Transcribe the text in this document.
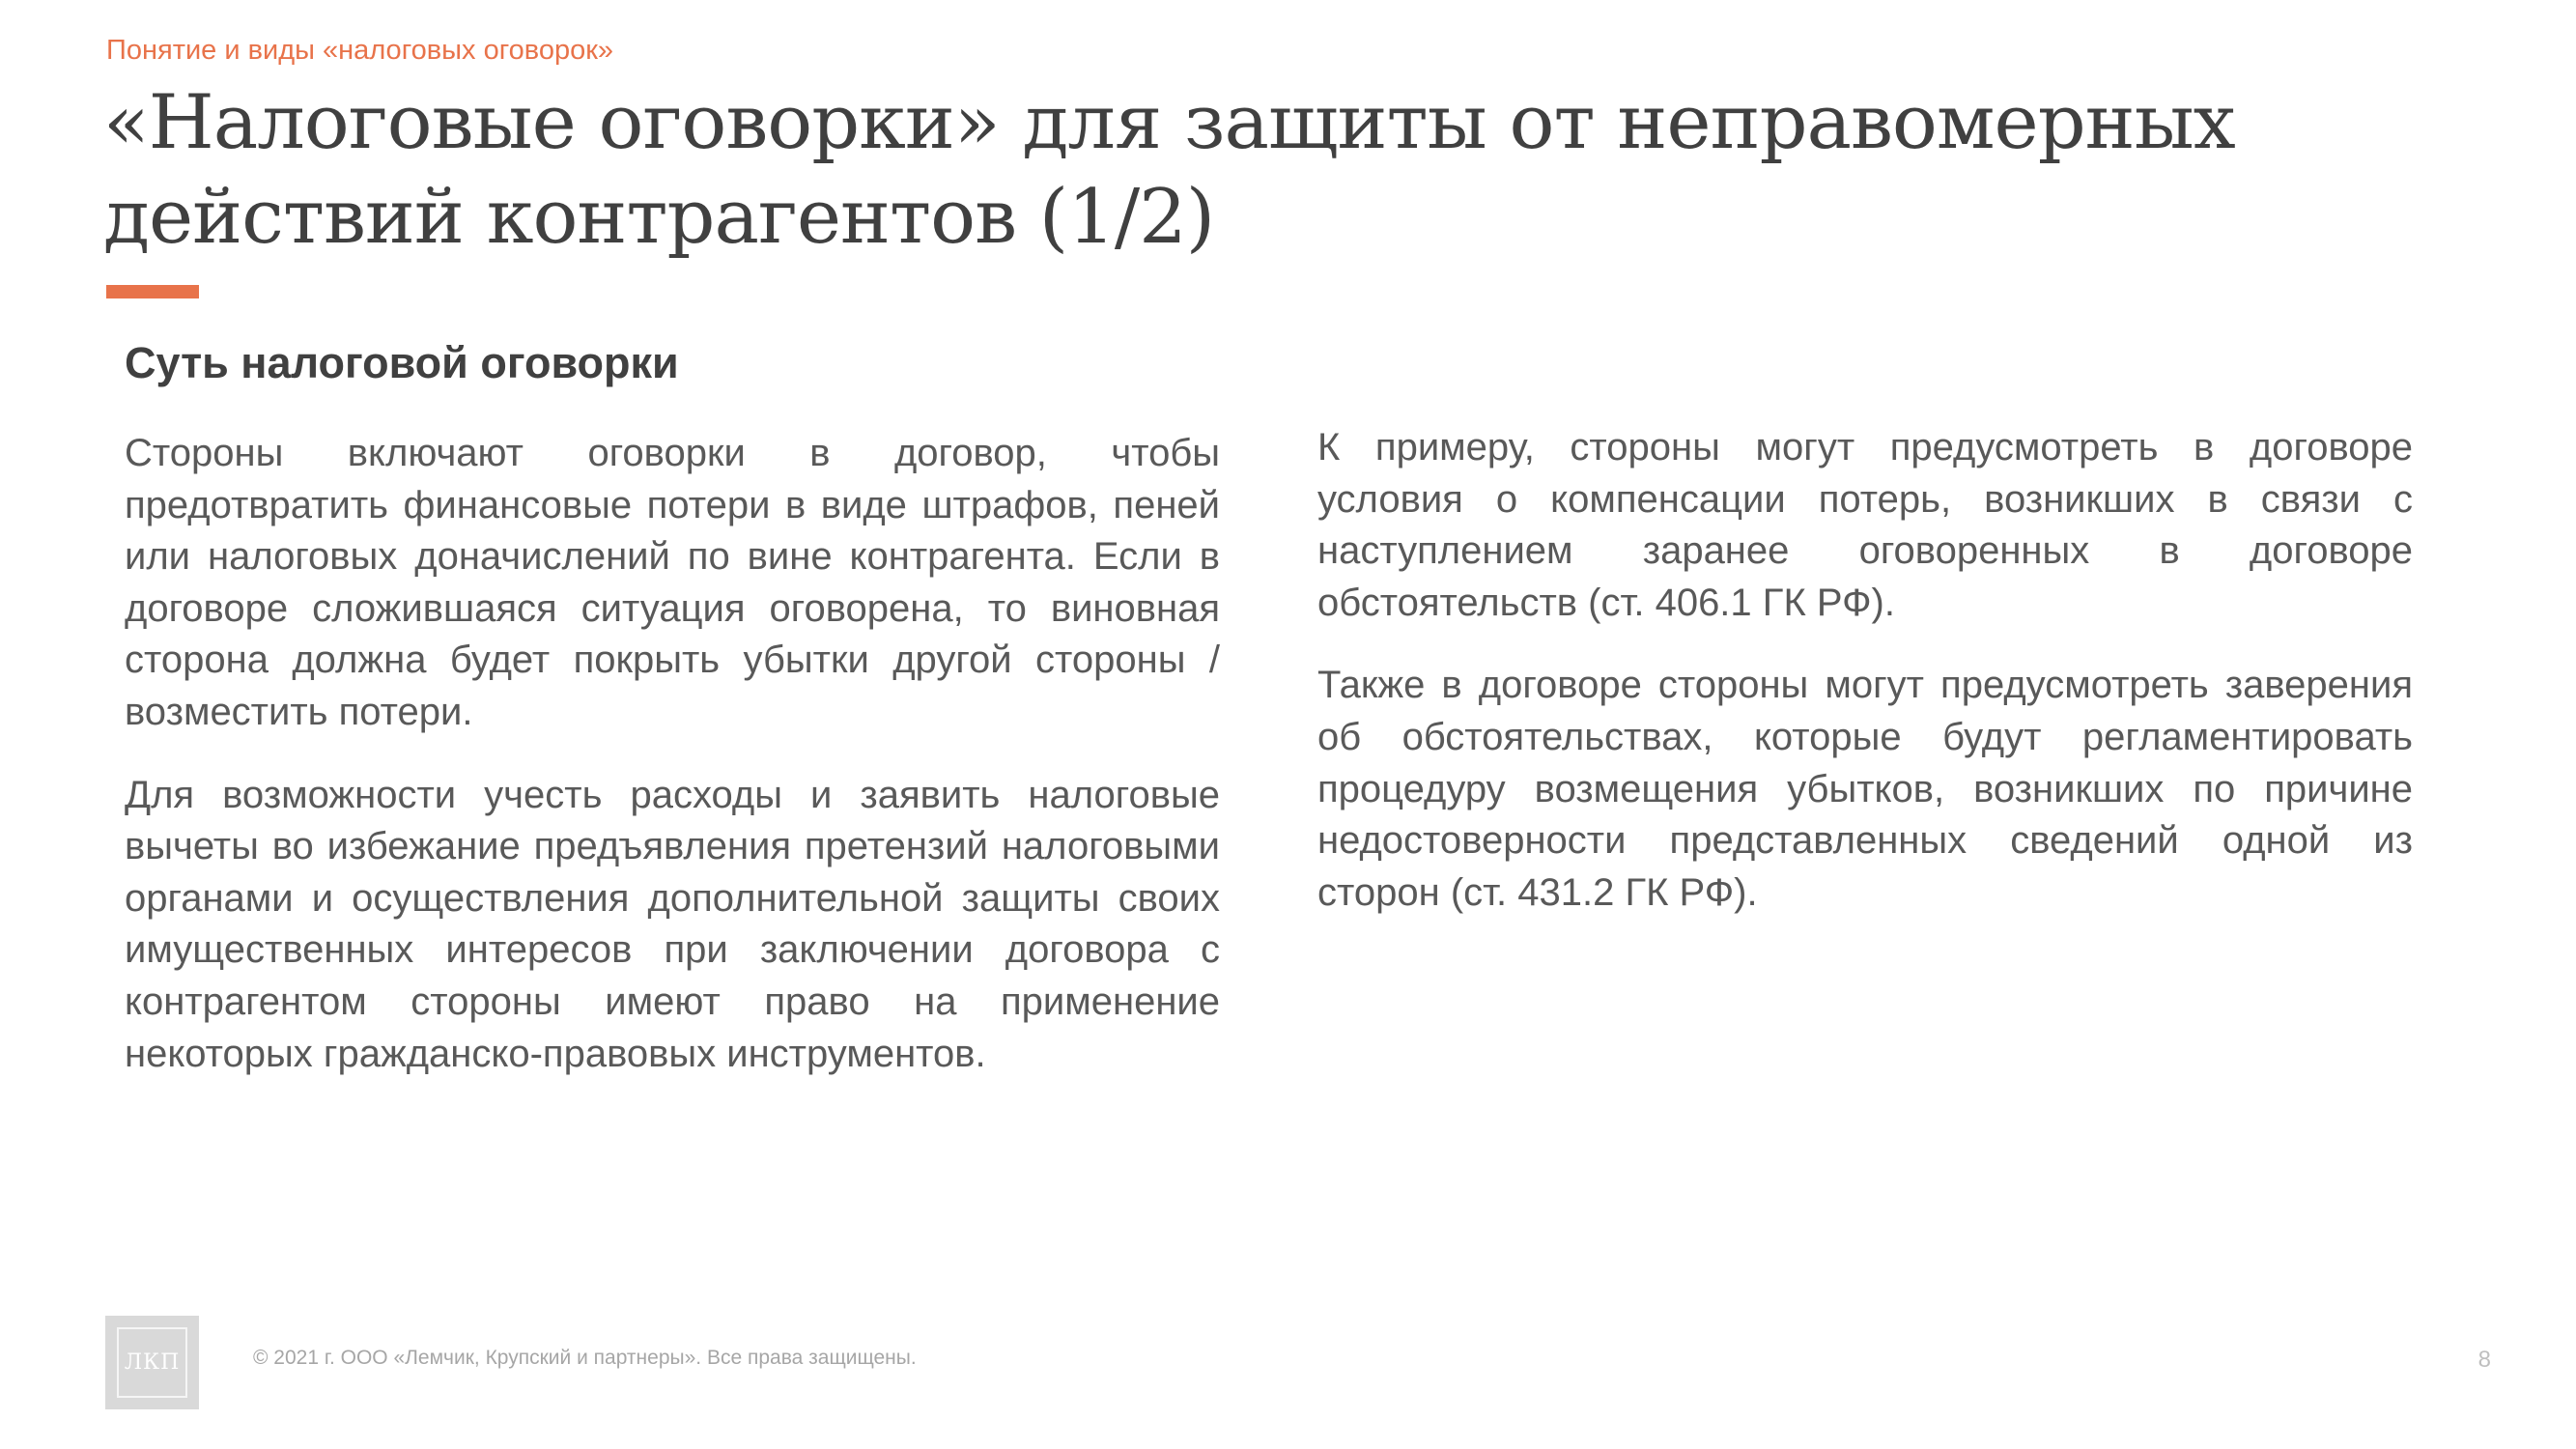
Понятие и виды «налоговых оговорок»
«Налоговые оговорки» для защиты от неправомерных
действий контрагентов (1/2)
Суть налоговой оговорки

Стороны включают оговорки в договор, чтобы предотвратить финансовые потери в виде штрафов, пеней или налоговых доначислений по вине контрагента. Если в договоре сложившаяся ситуация оговорена, то виновная сторона должна будет покрыть убытки другой стороны / возместить потери.

Для возможности учесть расходы и заявить налоговые вычеты во избежание предъявления претензий налоговыми органами и осуществления дополнительной защиты своих имущественных интересов при заключении договора с контрагентом стороны имеют право на применение некоторых гражданско-правовых инструментов.

К примеру, стороны могут предусмотреть в договоре условия о компенсации потерь, возникших в связи с наступлением заранее оговоренных в договоре обстоятельств (ст. 406.1 ГК РФ).

Также в договоре стороны могут предусмотреть заверения об обстоятельствах, которые будут регламентировать процедуру возмещения убытков, возникших по причине недостоверности представленных сведений одной из сторон (ст. 431.2 ГК РФ).

ЛКП	© 2021 г. ООО «Лемчик, Крупский и партнеры». Все права защищены.	8
